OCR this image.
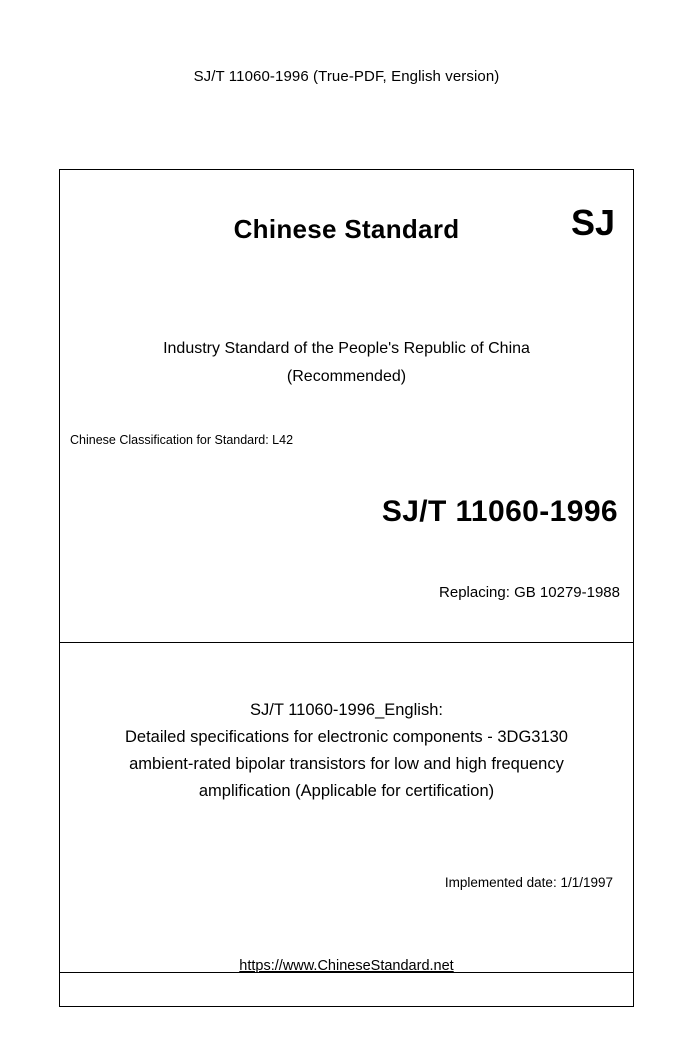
SJ/T 11060-1996 (True-PDF, English version)
Chinese Standard	SJ
Industry Standard of the People's Republic of China
(Recommended)
Chinese Classification for Standard: L42
SJ/T 11060-1996
Replacing: GB 10279-1988
SJ/T 11060-1996_English:
Detailed specifications for electronic components - 3DG3130
ambient-rated bipolar transistors for low and high frequency
amplification (Applicable for certification)
Implemented date: 1/1/1997
https://www.ChineseStandard.net
